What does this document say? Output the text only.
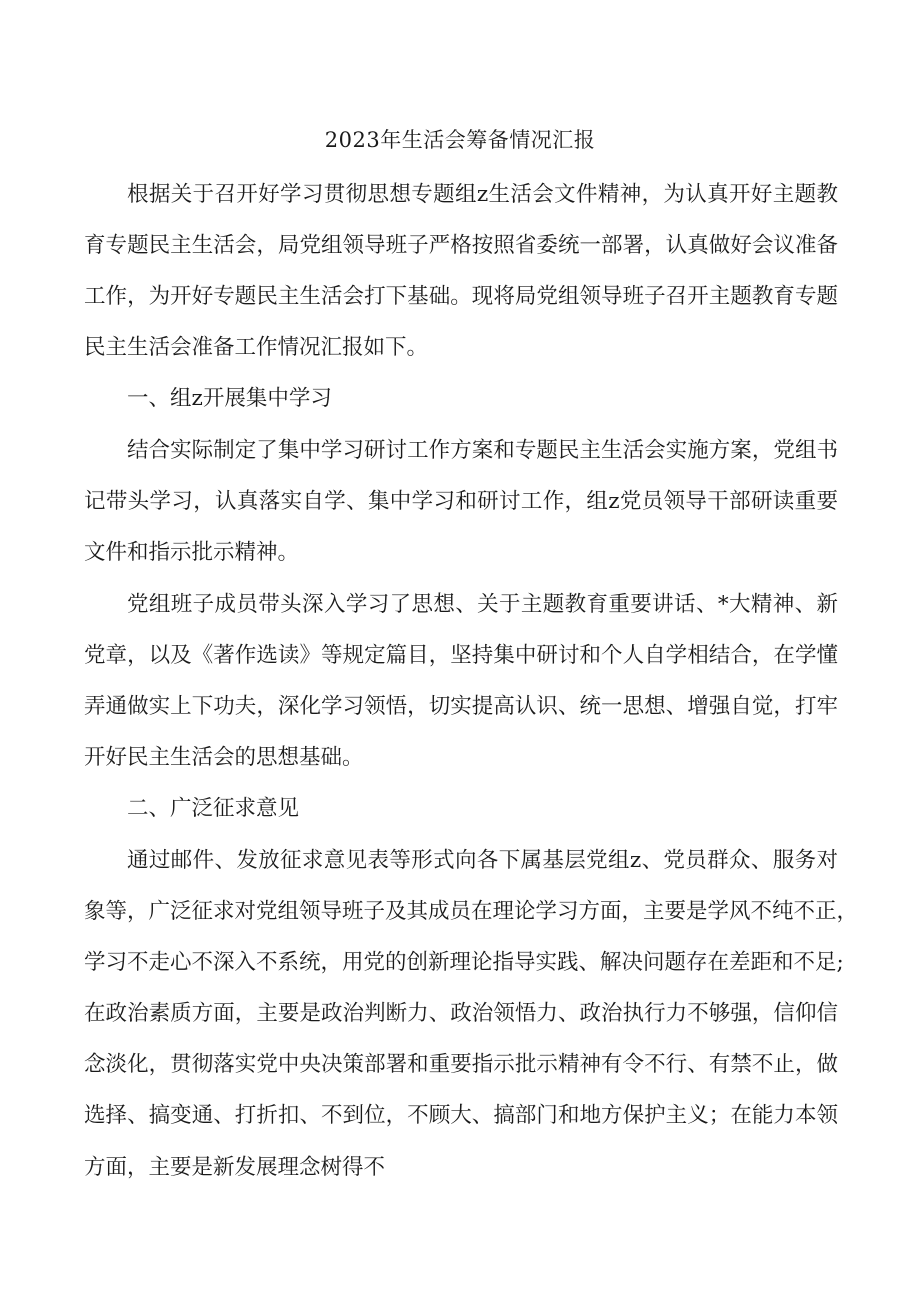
2023年生活会筹备情况汇报
根据关于召开好学习贯彻思想专题组z生活会文件精神，为认真开好主题教
育专题民主生活会，局党组领导班子严格按照省委统一部署，认真做好会议准备
工作，为开好专题民主生活会打下基础。现将局党组领导班子召开主题教育专题
民主生活会准备工作情况汇报如下。
一、组z开展集中学习
结合实际制定了集中学习研讨工作方案和专题民主生活会实施方案，党组书
记带头学习，认真落实自学、集中学习和研讨工作，组z党员领导干部研读重要
文件和指示批示精神。
党组班子成员带头深入学习了思想、关于主题教育重要讲话、*大精神、新
党章，以及《著作选读》等规定篇目，坚持集中研讨和个人自学相结合，在学懂
弄通做实上下功夫，深化学习领悟，切实提高认识、统一思想、增强自觉，打牢
开好民主生活会的思想基础。
二、广泛征求意见
通过邮件、发放征求意见表等形式向各下属基层党组z、党员群众、服务对
象等，广泛征求对党组领导班子及其成员在理论学习方面，主要是学风不纯不正，
学习不走心不深入不系统，用党的创新理论指导实践、解决问题存在差距和不足;
在政治素质方面，主要是政治判断力、政治领悟力、政治执行力不够强，信仰信
念淡化，贯彻落实党中央决策部署和重要指示批示精神有令不行、有禁不止，做
选择、搞变通、打折扣、不到位，不顾大、搞部门和地方保护主义；在能力本领
方面，主要是新发展理念树得不
